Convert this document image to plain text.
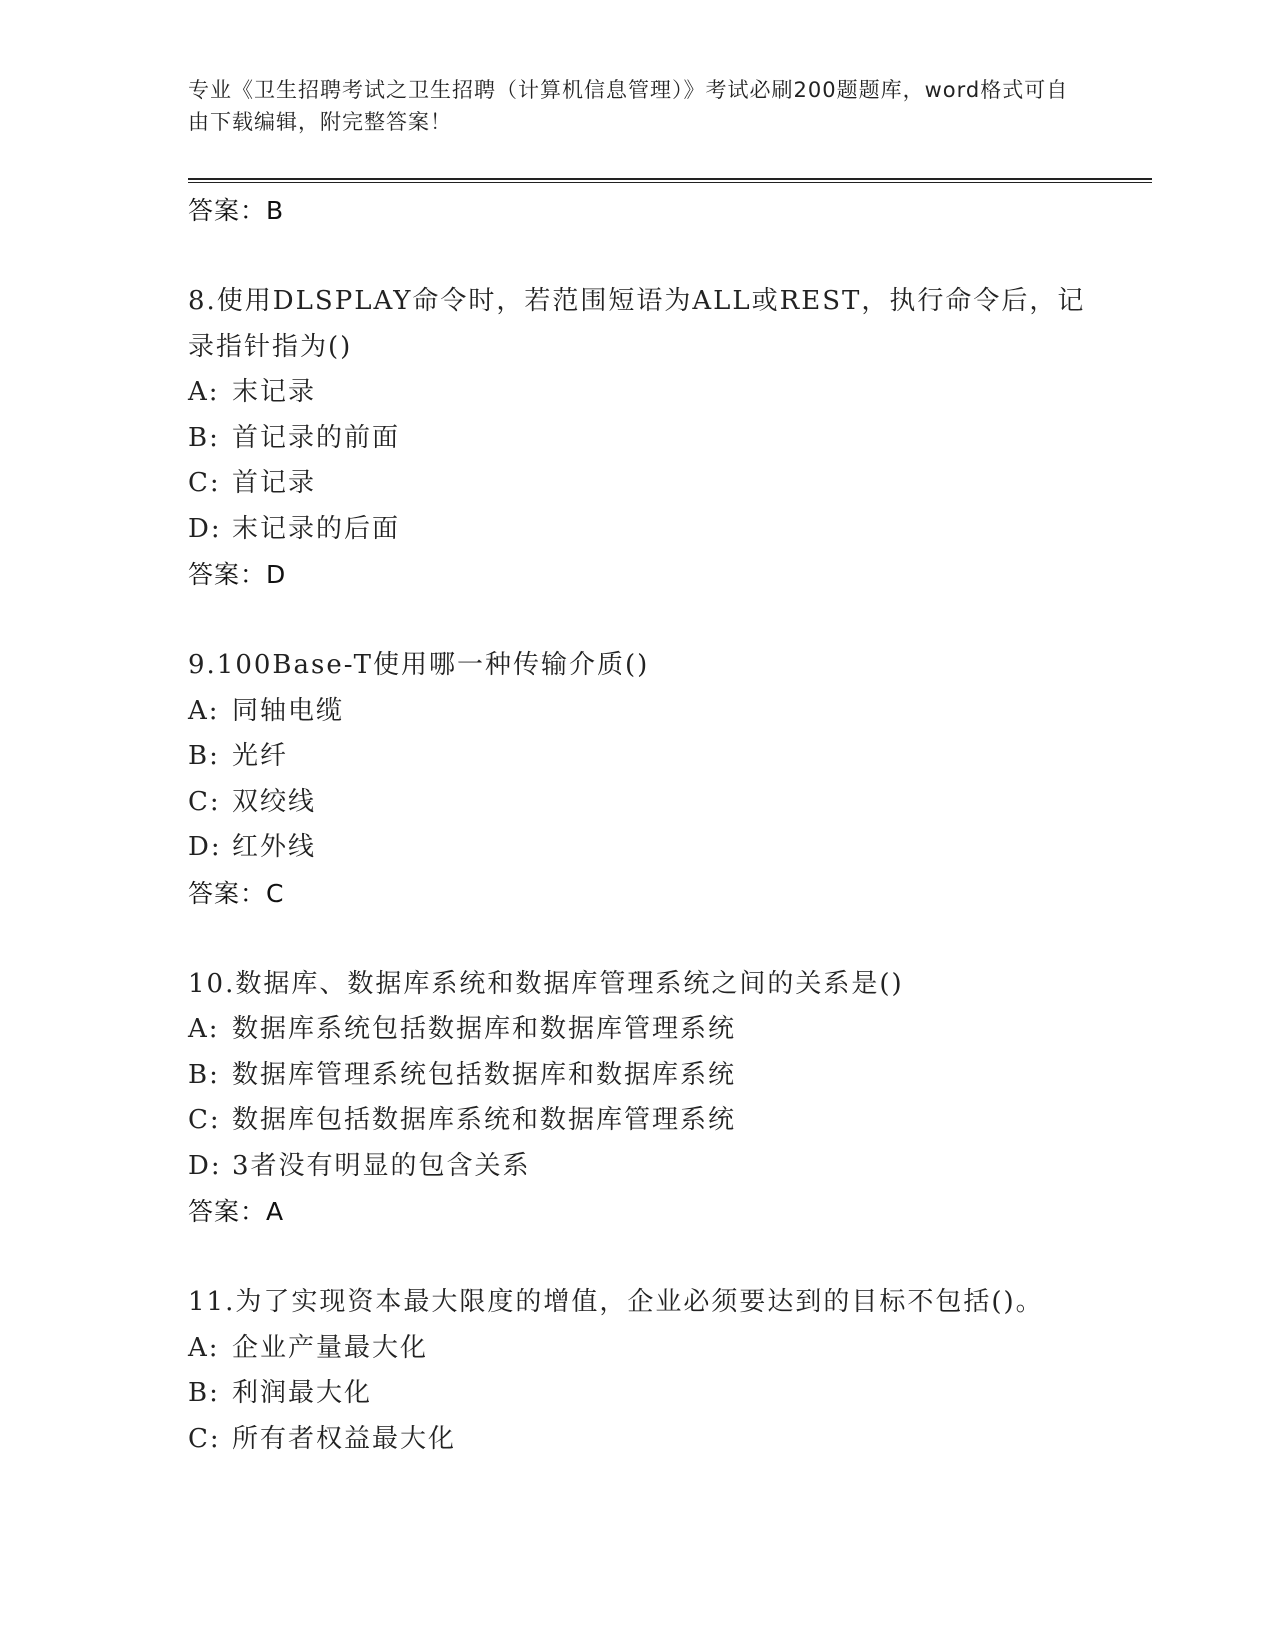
专业《卫生招聘考试之卫生招聘（计算机信息管理）》考试必刷200题题库，word格式可自由下载编辑，附完整答案！
答案：B
8.使用DLSPLAY命令时，若范围短语为ALL或REST，执行命令后，记
录指针指为()
A: 末记录
B: 首记录的前面
C: 首记录
D: 末记录的后面
答案：D
9.100Base-T使用哪一种传输介质()
A: 同轴电缆
B: 光纤
C: 双绞线
D: 红外线
答案：C
10.数据库、数据库系统和数据库管理系统之间的关系是()
A: 数据库系统包括数据库和数据库管理系统
B: 数据库管理系统包括数据库和数据库系统
C: 数据库包括数据库系统和数据库管理系统
D: 3者没有明显的包含关系
答案：A
11.为了实现资本最大限度的增值，企业必须要达到的目标不包括()。
A: 企业产量最大化
B: 利润最大化
C: 所有者权益最大化
